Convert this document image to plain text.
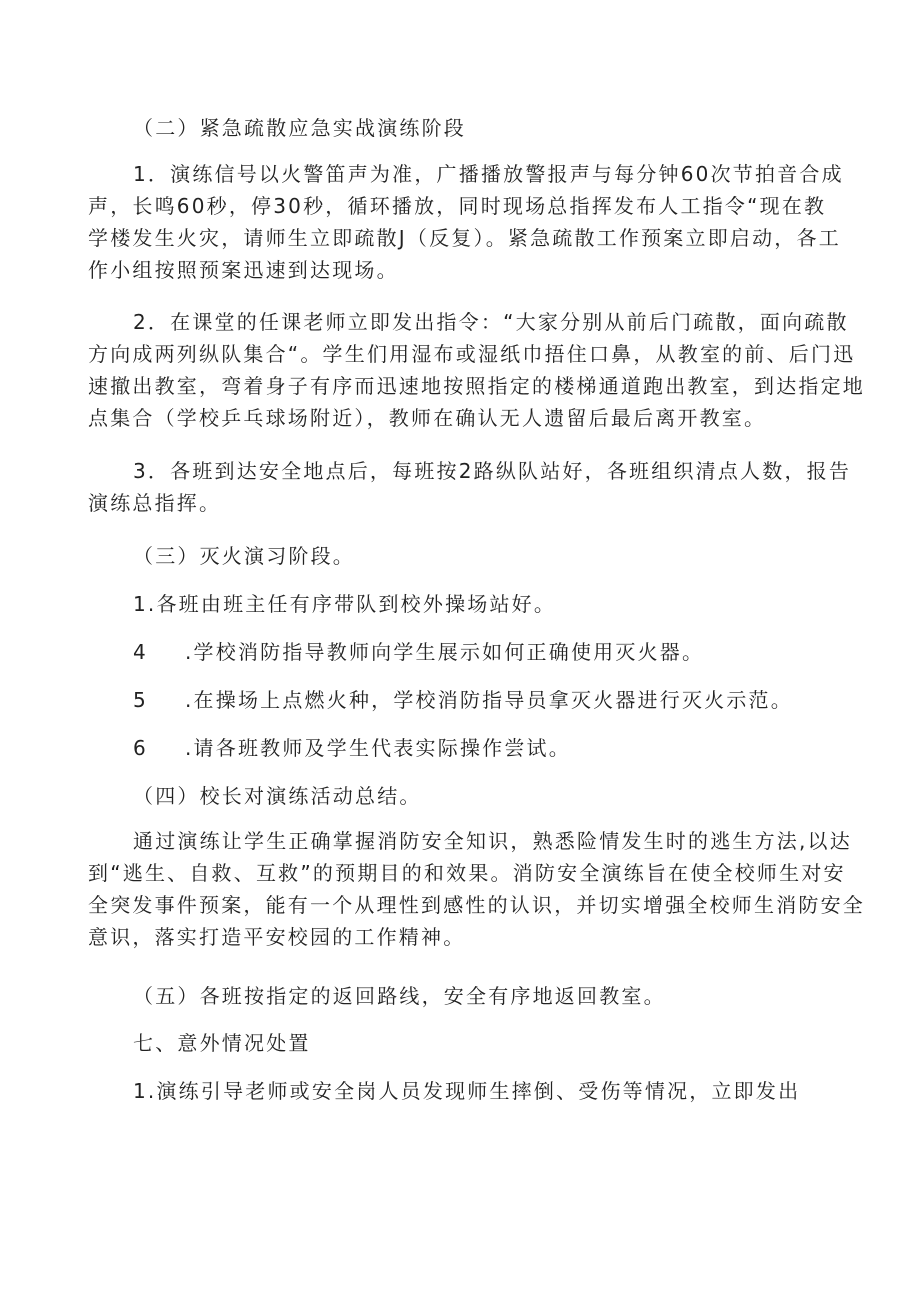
（二）紧急疏散应急实战演练阶段
1．演练信号以火警笛声为准，广播播放警报声与每分钟60次节拍音合成
声，长鸣60秒，停30秒，循环播放，同时现场总指挥发布人工指令“现在教
学楼发生火灾，请师生立即疏散J（反复）。紧急疏散工作预案立即启动，各工
作小组按照预案迅速到达现场。
2．在课堂的任课老师立即发出指令：“大家分别从前后门疏散，面向疏散
方向成两列纵队集合“。学生们用湿布或湿纸巾捂住口鼻，从教室的前、后门迅
速撤出教室，弯着身子有序而迅速地按照指定的楼梯通道跑出教室，到达指定地
点集合（学校乒乓球场附近），教师在确认无人遗留后最后离开教室。
3．各班到达安全地点后，每班按2路纵队站好，各班组织清点人数，报告
演练总指挥。
（三）灭火演习阶段。
1.各班由班主任有序带队到校外操场站好。
4 .学校消防指导教师向学生展示如何正确使用灭火器。
5 .在操场上点燃火种，学校消防指导员拿灭火器进行灭火示范。
6 .请各班教师及学生代表实际操作尝试。
（四）校长对演练活动总结。
通过演练让学生正确掌握消防安全知识，熟悉险情发生时的逃生方法,以达
到“逃生、自救、互救”的预期目的和效果。消防安全演练旨在使全校师生对安
全突发事件预案，能有一个从理性到感性的认识，并切实增强全校师生消防安全
意识，落实打造平安校园的工作精神。
（五）各班按指定的返回路线，安全有序地返回教室。
七、意外情况处置
1.演练引导老师或安全岗人员发现师生摔倒、受伤等情况，立即发出
